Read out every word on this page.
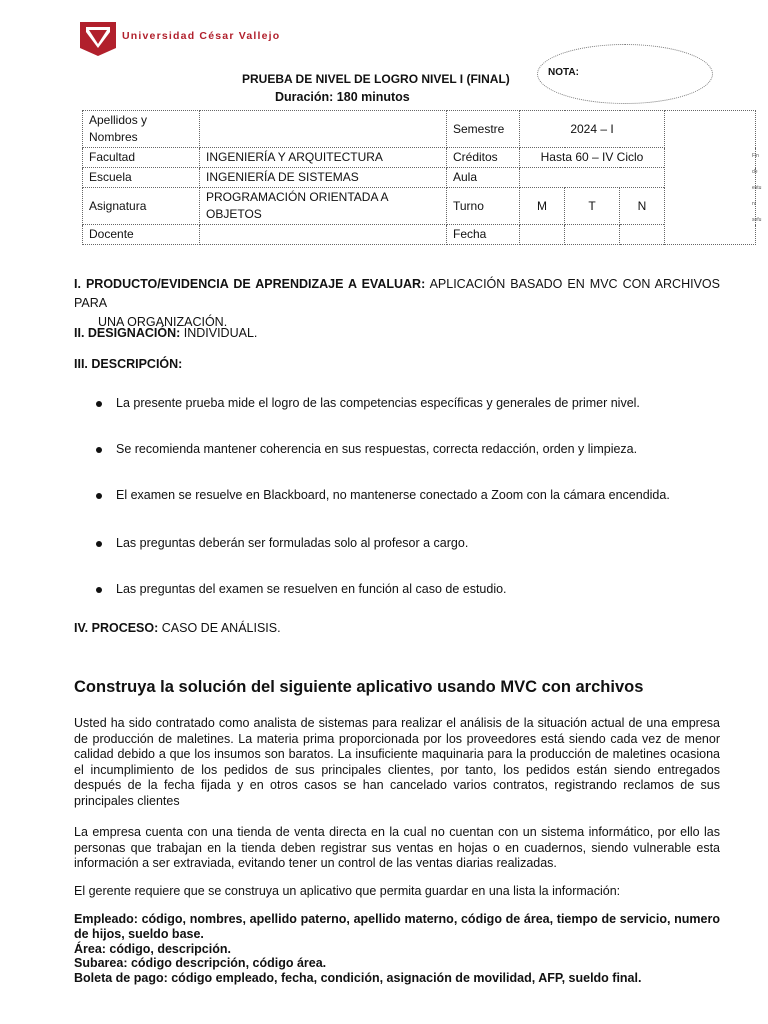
Universidad César Vallejo
NOTA:
PRUEBA DE NIVEL DE LOGRO NIVEL I (FINAL)
Duración: 180 minutos
Apellidos y Nombres		Semestre	2024 – I			
Facultad	INGENIERÍA Y ARQUITECTURA	Créditos	Hasta 60 – IV Ciclo			
Escuela	INGENIERÍA DE SISTEMAS	Aula				
Asignatura	PROGRAMACIÓN ORIENTADA A OBJETOS	Turno	M	T	N	
Docente		Fecha				
Fin
de
estu
ni
sefu
I. PRODUCTO/EVIDENCIA DE APRENDIZAJE A EVALUAR: APLICACIÓN BASADO EN MVC CON ARCHIVOS PARA
UNA ORGANIZACIÓN.
II. DESIGNACIÓN: INDIVIDUAL.
III. DESCRIPCIÓN:
La presente prueba mide el logro de las competencias específicas y generales de primer nivel.
Se recomienda mantener coherencia en sus respuestas, correcta redacción, orden y limpieza.
El examen se resuelve en Blackboard, no mantenerse conectado a Zoom con la cámara encendida.
Las preguntas deberán ser formuladas solo al profesor a cargo.
Las preguntas del examen se resuelven en función al caso de estudio.
IV. PROCESO: CASO DE ANÁLISIS.
Construya la solución del siguiente aplicativo usando MVC con archivos
Usted ha sido contratado como analista de sistemas para realizar el análisis de la situación actual de una empresa de producción de maletines. La materia prima proporcionada por los proveedores está siendo cada vez de menor calidad debido a que los insumos son baratos. La insuficiente maquinaria para la producción de maletines ocasiona el incumplimiento de los pedidos de sus principales clientes, por tanto, los pedidos están siendo entregados después de la fecha fijada y en otros casos se han cancelado varios contratos, registrando reclamos de sus principales clientes
La empresa cuenta con una tienda de venta directa en la cual no cuentan con un sistema informático, por ello las personas que trabajan en la tienda deben registrar sus ventas en hojas o en cuadernos, siendo vulnerable esta información a ser extraviada, evitando tener un control de las ventas diarias realizadas.
El gerente requiere que se construya un aplicativo que permita guardar en una lista la información:
Empleado: código, nombres, apellido paterno, apellido materno, código de área, tiempo de servicio, numero de hijos, sueldo base.
Área: código, descripción.
Subarea: código descripción, código área.
Boleta de pago: código empleado, fecha, condición, asignación de movilidad, AFP, sueldo final.
